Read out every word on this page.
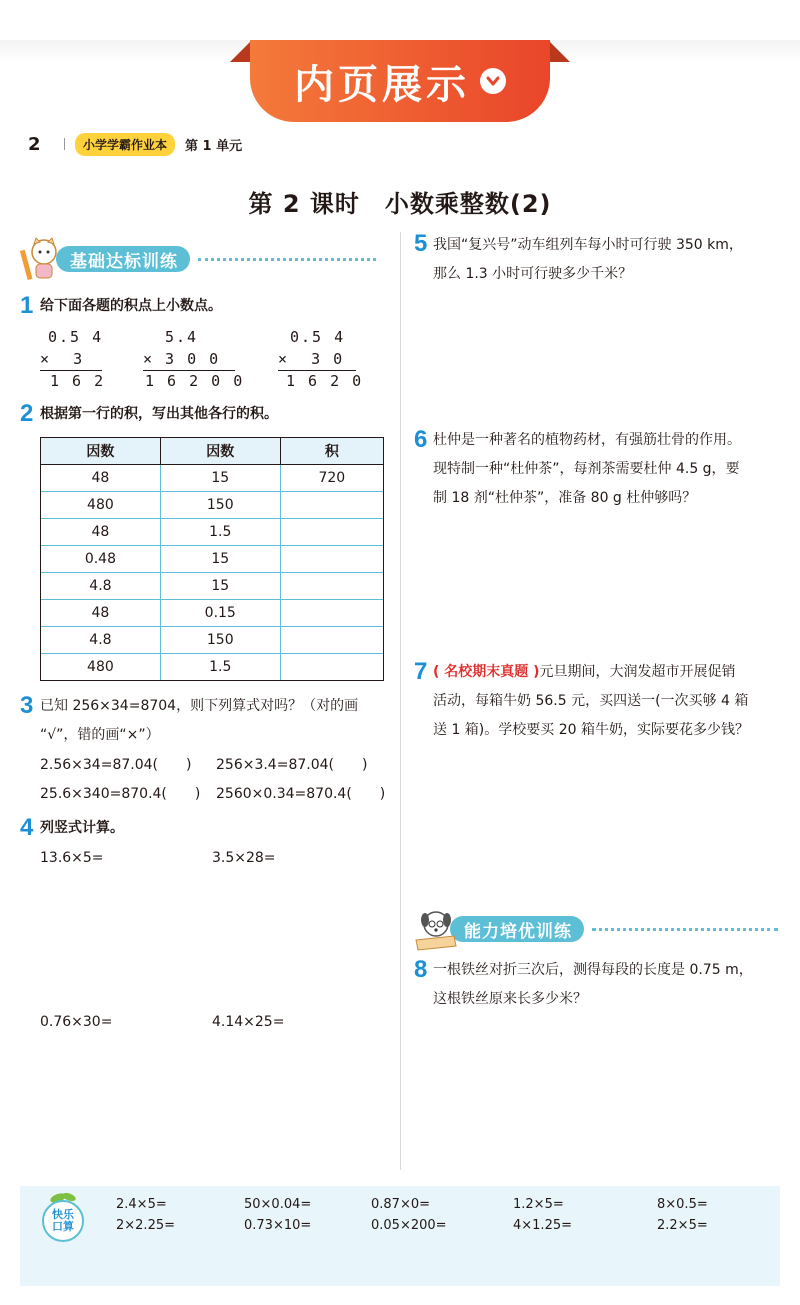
内页展示
2	小学学霸作业本	第 1 单元
第 2 课时　小数乘整数(2)
基础达标训练
1 给下面各题的积点上小数点。
0.5 4
×  3
1 6 2
5.4
× 3 0 0
1 6 2 0 0
0.5 4
×  3 0
1 6 2 0
2 根据第一行的积，写出其他各行的积。
因数	因数	积
48	15	720
480	150	
48	1.5	
0.48	15	
4.8	15	
48	0.15	
4.8	150	
480	1.5	
3 已知 256×34=8704，则下列算式对吗？（对的画
“√”，错的画“×”）
2.56×34=87.04(　　) 256×3.4=87.04(　　)
25.6×340=870.4(　　) 2560×0.34=870.4(　　)
4 列竖式计算。
13.6×5=	3.5×28=
0.76×30=	4.14×25=
5 我国“复兴号”动车组列车每小时可行驶 350 km，
那么 1.3 小时可行驶多少千米？
6 杜仲是一种著名的植物药材，有强筋壮骨的作用。
现特制一种“杜仲茶”，每剂茶需要杜仲 4.5 g，要
制 18 剂“杜仲茶”，准备 80 g 杜仲够吗？
7 ( 名校期末真题 )元旦期间，大润发超市开展促销
活动，每箱牛奶 56.5 元，买四送一(一次买够 4 箱
送 1 箱)。学校要买 20 箱牛奶，实际要花多少钱？
能力培优训练
8 一根铁丝对折三次后，测得每段的长度是 0.75 m，
这根铁丝原来长多少米？
快乐
口算
2.4×5=	50×0.04=	0.87×0=	1.2×5=	8×0.5=
2×2.25=	0.73×10=	0.05×200=	4×1.25=	2.2×5=
